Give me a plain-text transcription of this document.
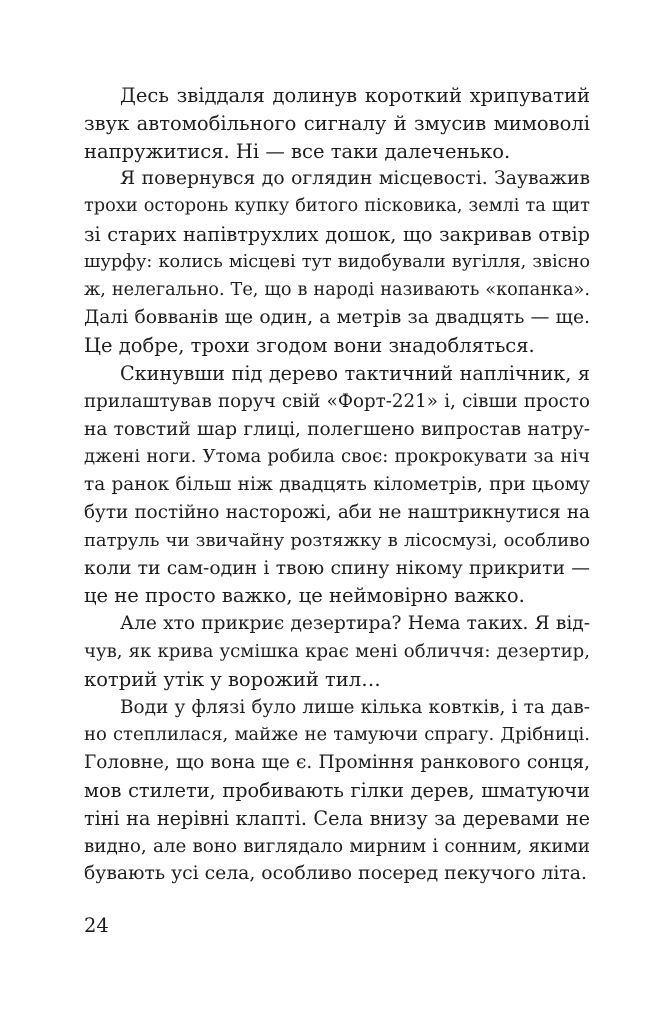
Десь звіддаля долинув короткий хрипуватий
звук автомобільного сигналу й змусив мимоволі
напружитися. Ні — все таки далеченько.
Я повернувся до оглядин місцевості. Зауважив
трохи осторонь купку битого пісковика, землі та щит
зі старих напівтрухлих дошок, що закривав отвір
шурфу: колись місцеві тут видобували вугілля, звісно
ж, нелегально. Те, що в народі називають «копанка».
Далі бовванів ще один, а метрів за двадцять — ще.
Це добре, трохи згодом вони знадобляться.
Скинувши під дерево тактичний наплічник, я
прилаштував поруч свій «Форт-221» і, сівши просто
на товстий шар глиці, полегшено випростав натру-
джені ноги. Утома робила своє: прокрокувати за ніч
та ранок більш ніж двадцять кілометрів, при цьому
бути постійно насторожі, аби не наштрикнутися на
патруль чи звичайну розтяжку в лісосмузі, особливо
коли ти сам-один і твою спину нікому прикрити —
це не просто важко, це неймовірно важко.
Але хто прикриє дезертира? Нема таких. Я від-
чув, як крива усмішка крає мені обличчя: дезертир,
котрий утік у ворожий тил…
Води у флязі було лише кілька ковтків, і та дав-
но степлилася, майже не тамуючи спрагу. Дрібниці.
Головне, що вона ще є. Проміння ранкового сонця,
мов стилети, пробивають гілки дерев, шматуючи
тіні на нерівні клапті. Села внизу за деревами не
видно, але воно виглядало мирним і сонним, якими
бувають усі села, особливо посеред пекучого літа.
24
